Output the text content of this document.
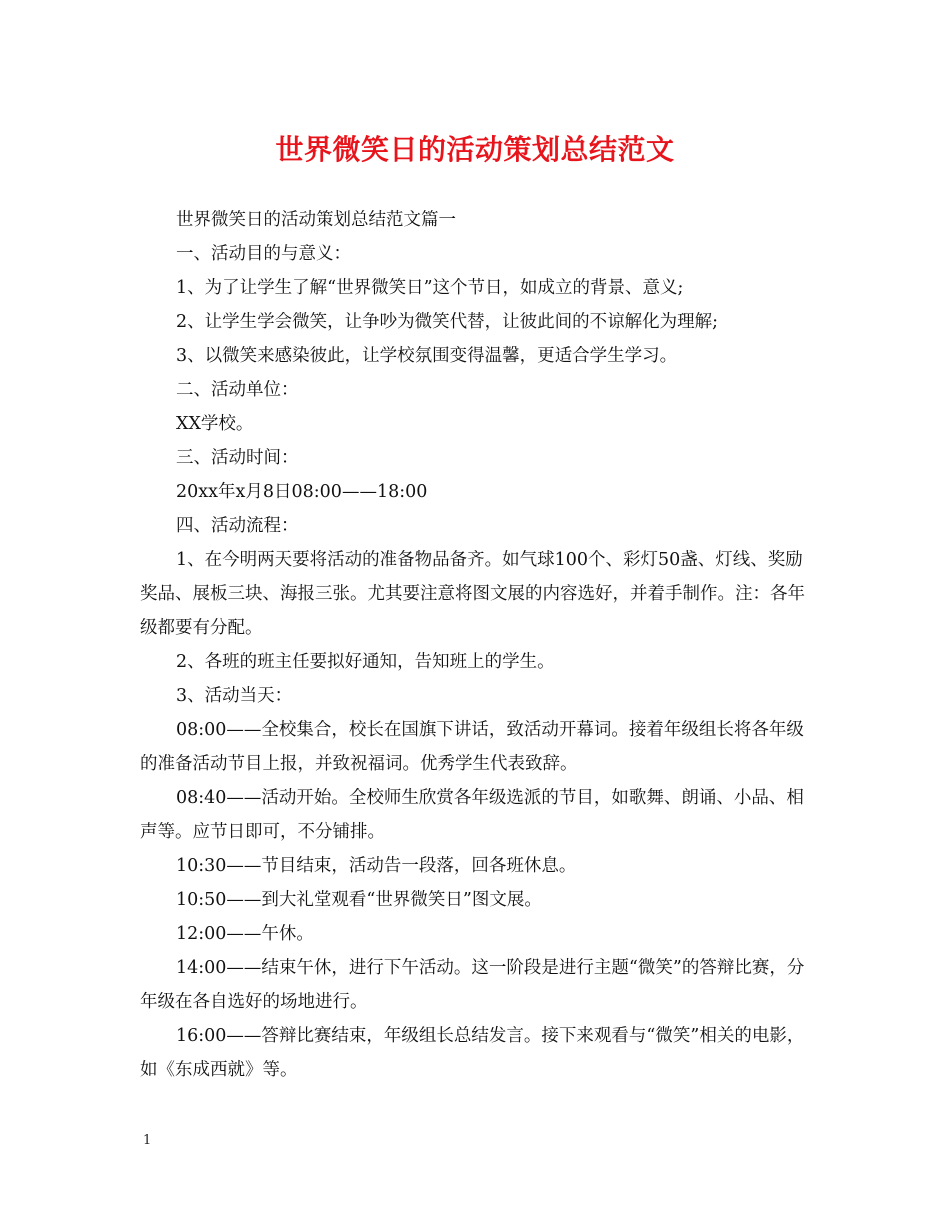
世界微笑日的活动策划总结范文

世界微笑日的活动策划总结范文篇一

一、活动目的与意义：

1、为了让学生了解“世界微笑日”这个节日，如成立的背景、意义;

2、让学生学会微笑，让争吵为微笑代替，让彼此间的不谅解化为理解;

3、以微笑来感染彼此，让学校氛围变得温馨，更适合学生学习。

二、活动单位：

XX学校。

三、活动时间：

20xx年x月8日08:00——18:00

四、活动流程：

1、在今明两天要将活动的准备物品备齐。如气球100个、彩灯50盏、灯线、奖励奖品、展板三块、海报三张。尤其要注意将图文展的内容选好，并着手制作。注：各年级都要有分配。

2、各班的班主任要拟好通知，告知班上的学生。

3、活动当天：

08:00——全校集合，校长在国旗下讲话，致活动开幕词。接着年级组长将各年级的准备活动节目上报，并致祝福词。优秀学生代表致辞。

08:40——活动开始。全校师生欣赏各年级选派的节目，如歌舞、朗诵、小品、相声等。应节日即可，不分铺排。

10:30——节目结束，活动告一段落，回各班休息。

10:50——到大礼堂观看“世界微笑日”图文展。

12:00——午休。

14:00——结束午休，进行下午活动。这一阶段是进行主题“微笑”的答辩比赛，分年级在各自选好的场地进行。

16:00——答辩比赛结束，年级组长总结发言。接下来观看与“微笑”相关的电影，如《东成西就》等。

1
